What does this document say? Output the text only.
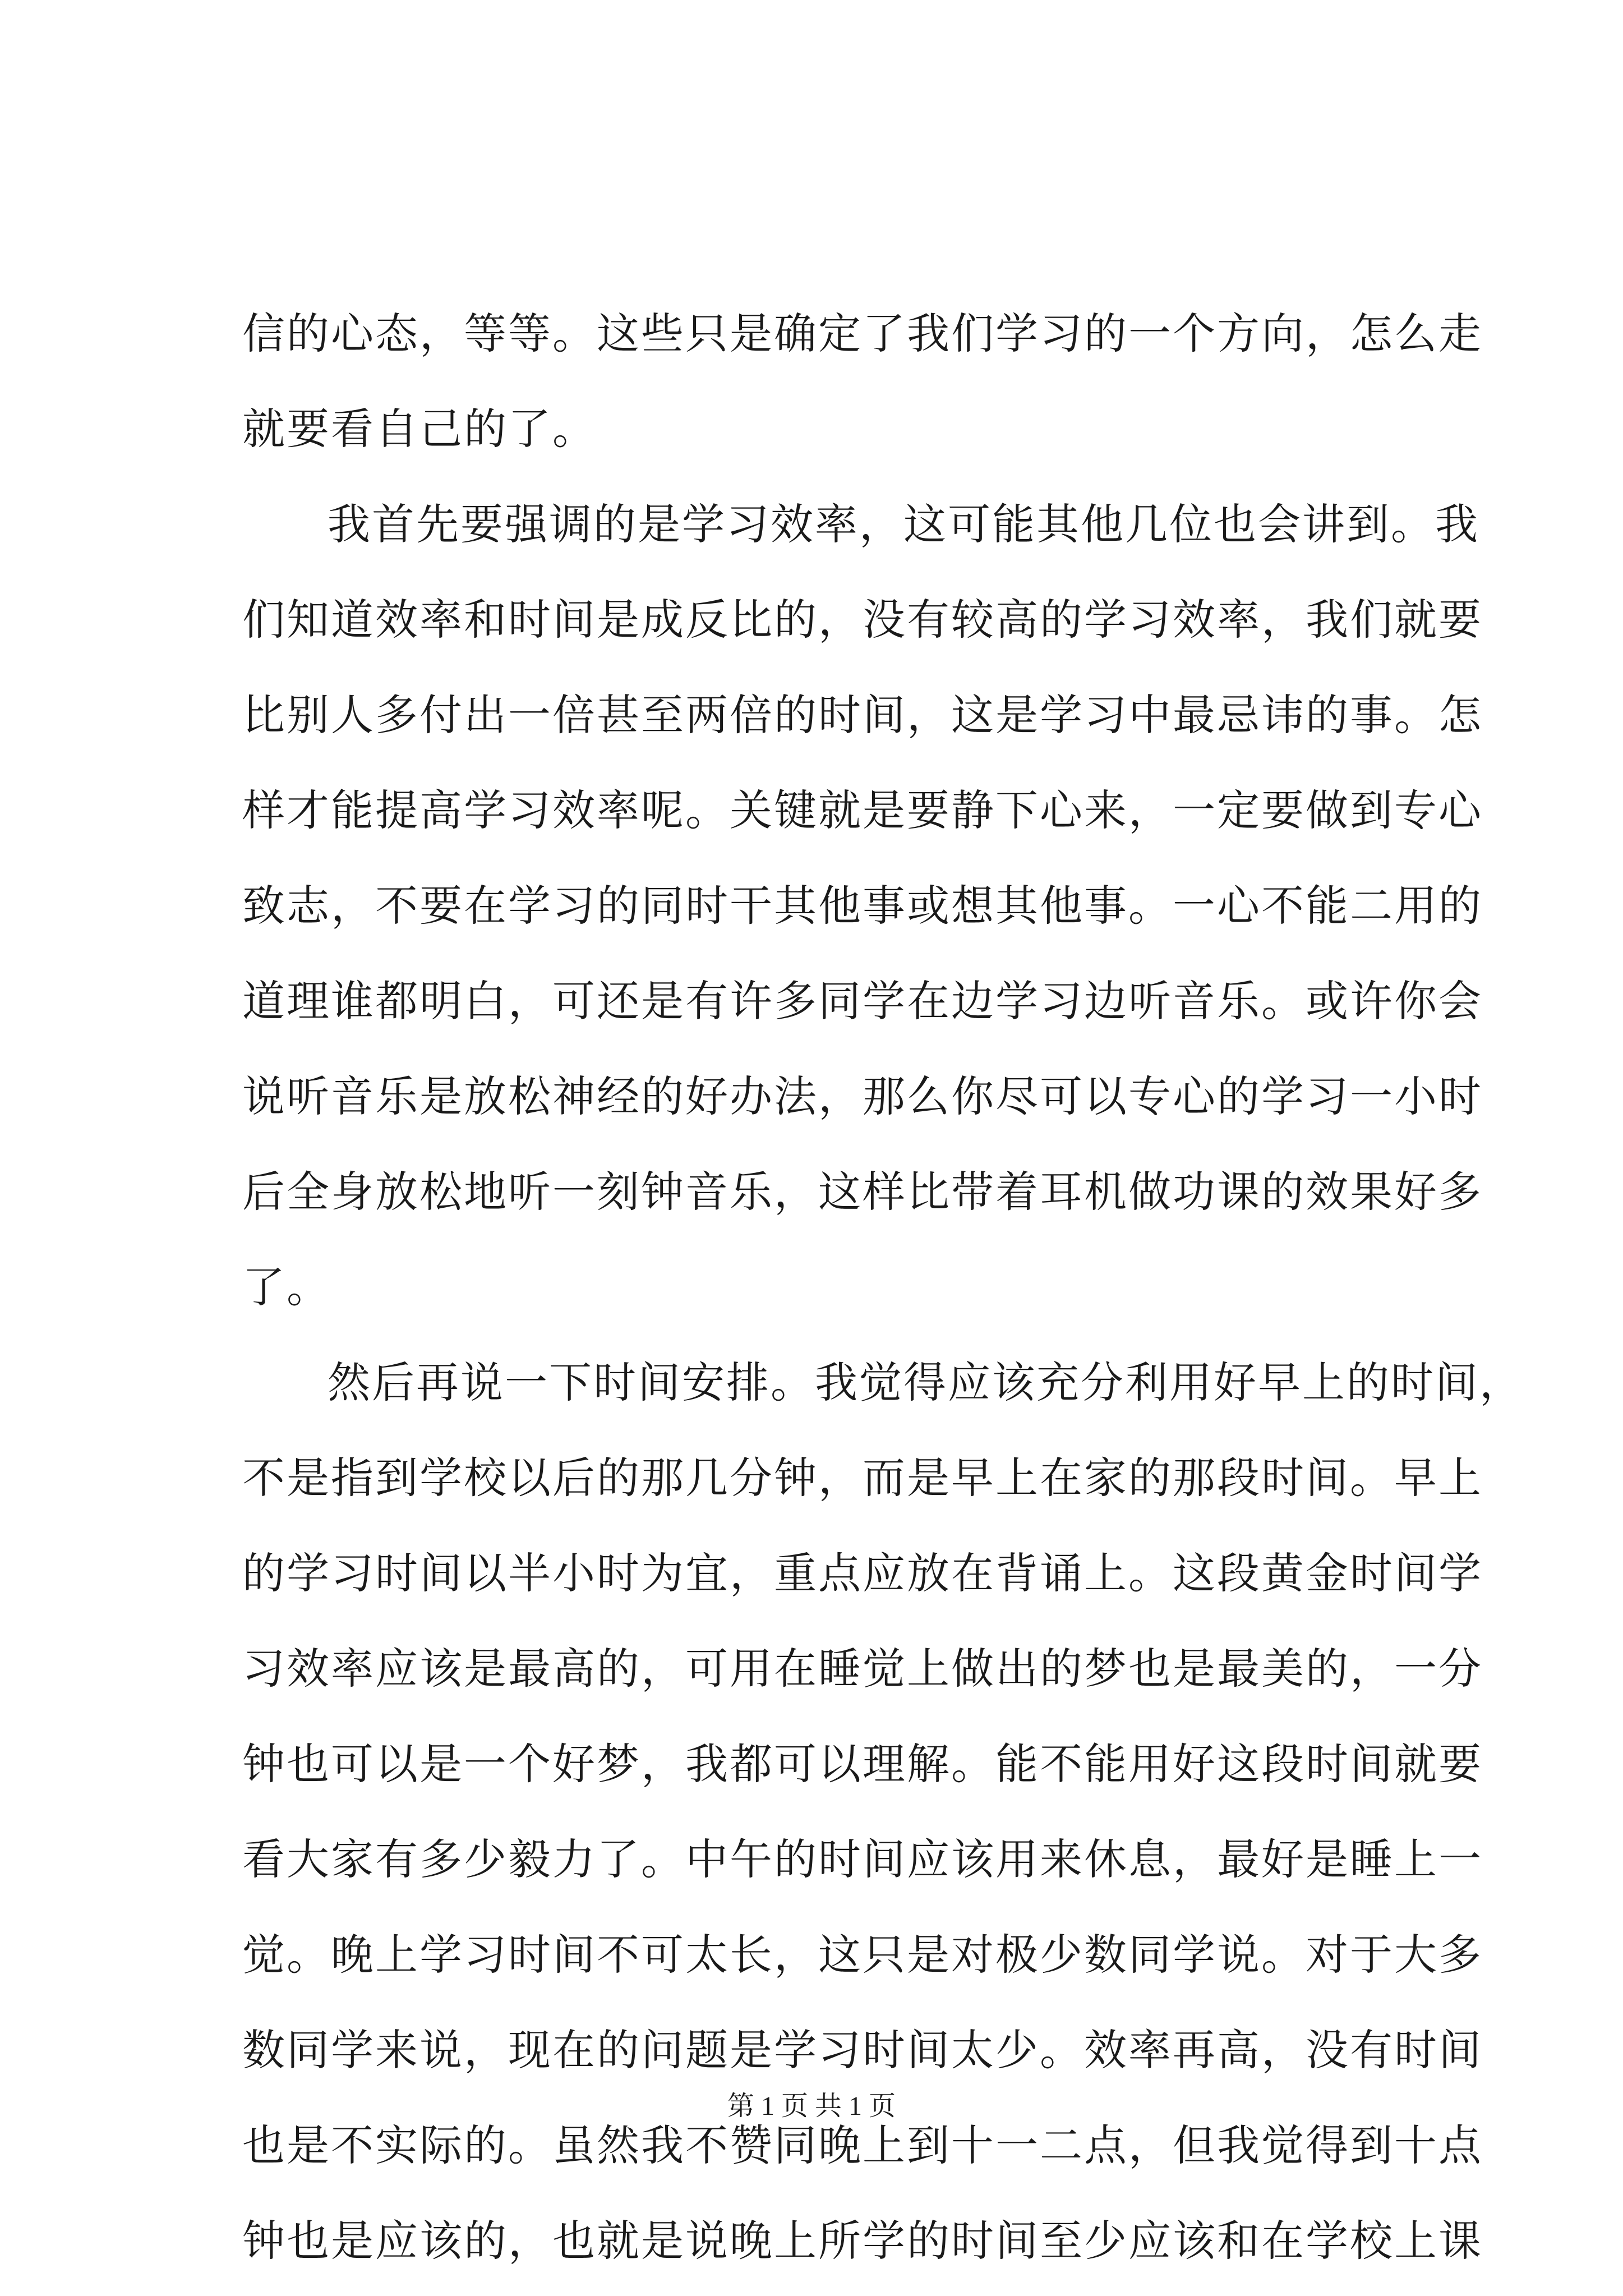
信的心态，等等。这些只是确定了我们学习的一个方向，怎么走
就要看自己的了。
我首先要强调的是学习效率，这可能其他几位也会讲到。我
们知道效率和时间是成反比的，没有较高的学习效率，我们就要
比别人多付出一倍甚至两倍的时间，这是学习中最忌讳的事。怎
样才能提高学习效率呢。关键就是要静下心来，一定要做到专心
致志，不要在学习的同时干其他事或想其他事。一心不能二用的
道理谁都明白，可还是有许多同学在边学习边听音乐。或许你会
说听音乐是放松神经的好办法，那么你尽可以专心的学习一小时
后全身放松地听一刻钟音乐，这样比带着耳机做功课的效果好多
了。
然后再说一下时间安排。我觉得应该充分利用好早上的时间，
不是指到学校以后的那几分钟，而是早上在家的那段时间。早上
的学习时间以半小时为宜，重点应放在背诵上。这段黄金时间学
习效率应该是最高的，可用在睡觉上做出的梦也是最美的，一分
钟也可以是一个好梦，我都可以理解。能不能用好这段时间就要
看大家有多少毅力了。中午的时间应该用来休息，最好是睡上一
觉。晚上学习时间不可太长，这只是对极少数同学说。对于大多
数同学来说，现在的问题是学习时间太少。效率再高，没有时间
也是不实际的。虽然我不赞同晚上到十一二点，但我觉得到十点
钟也是应该的，也就是说晚上所学的时间至少应该和在学校上课
第 1 页 共 1 页
